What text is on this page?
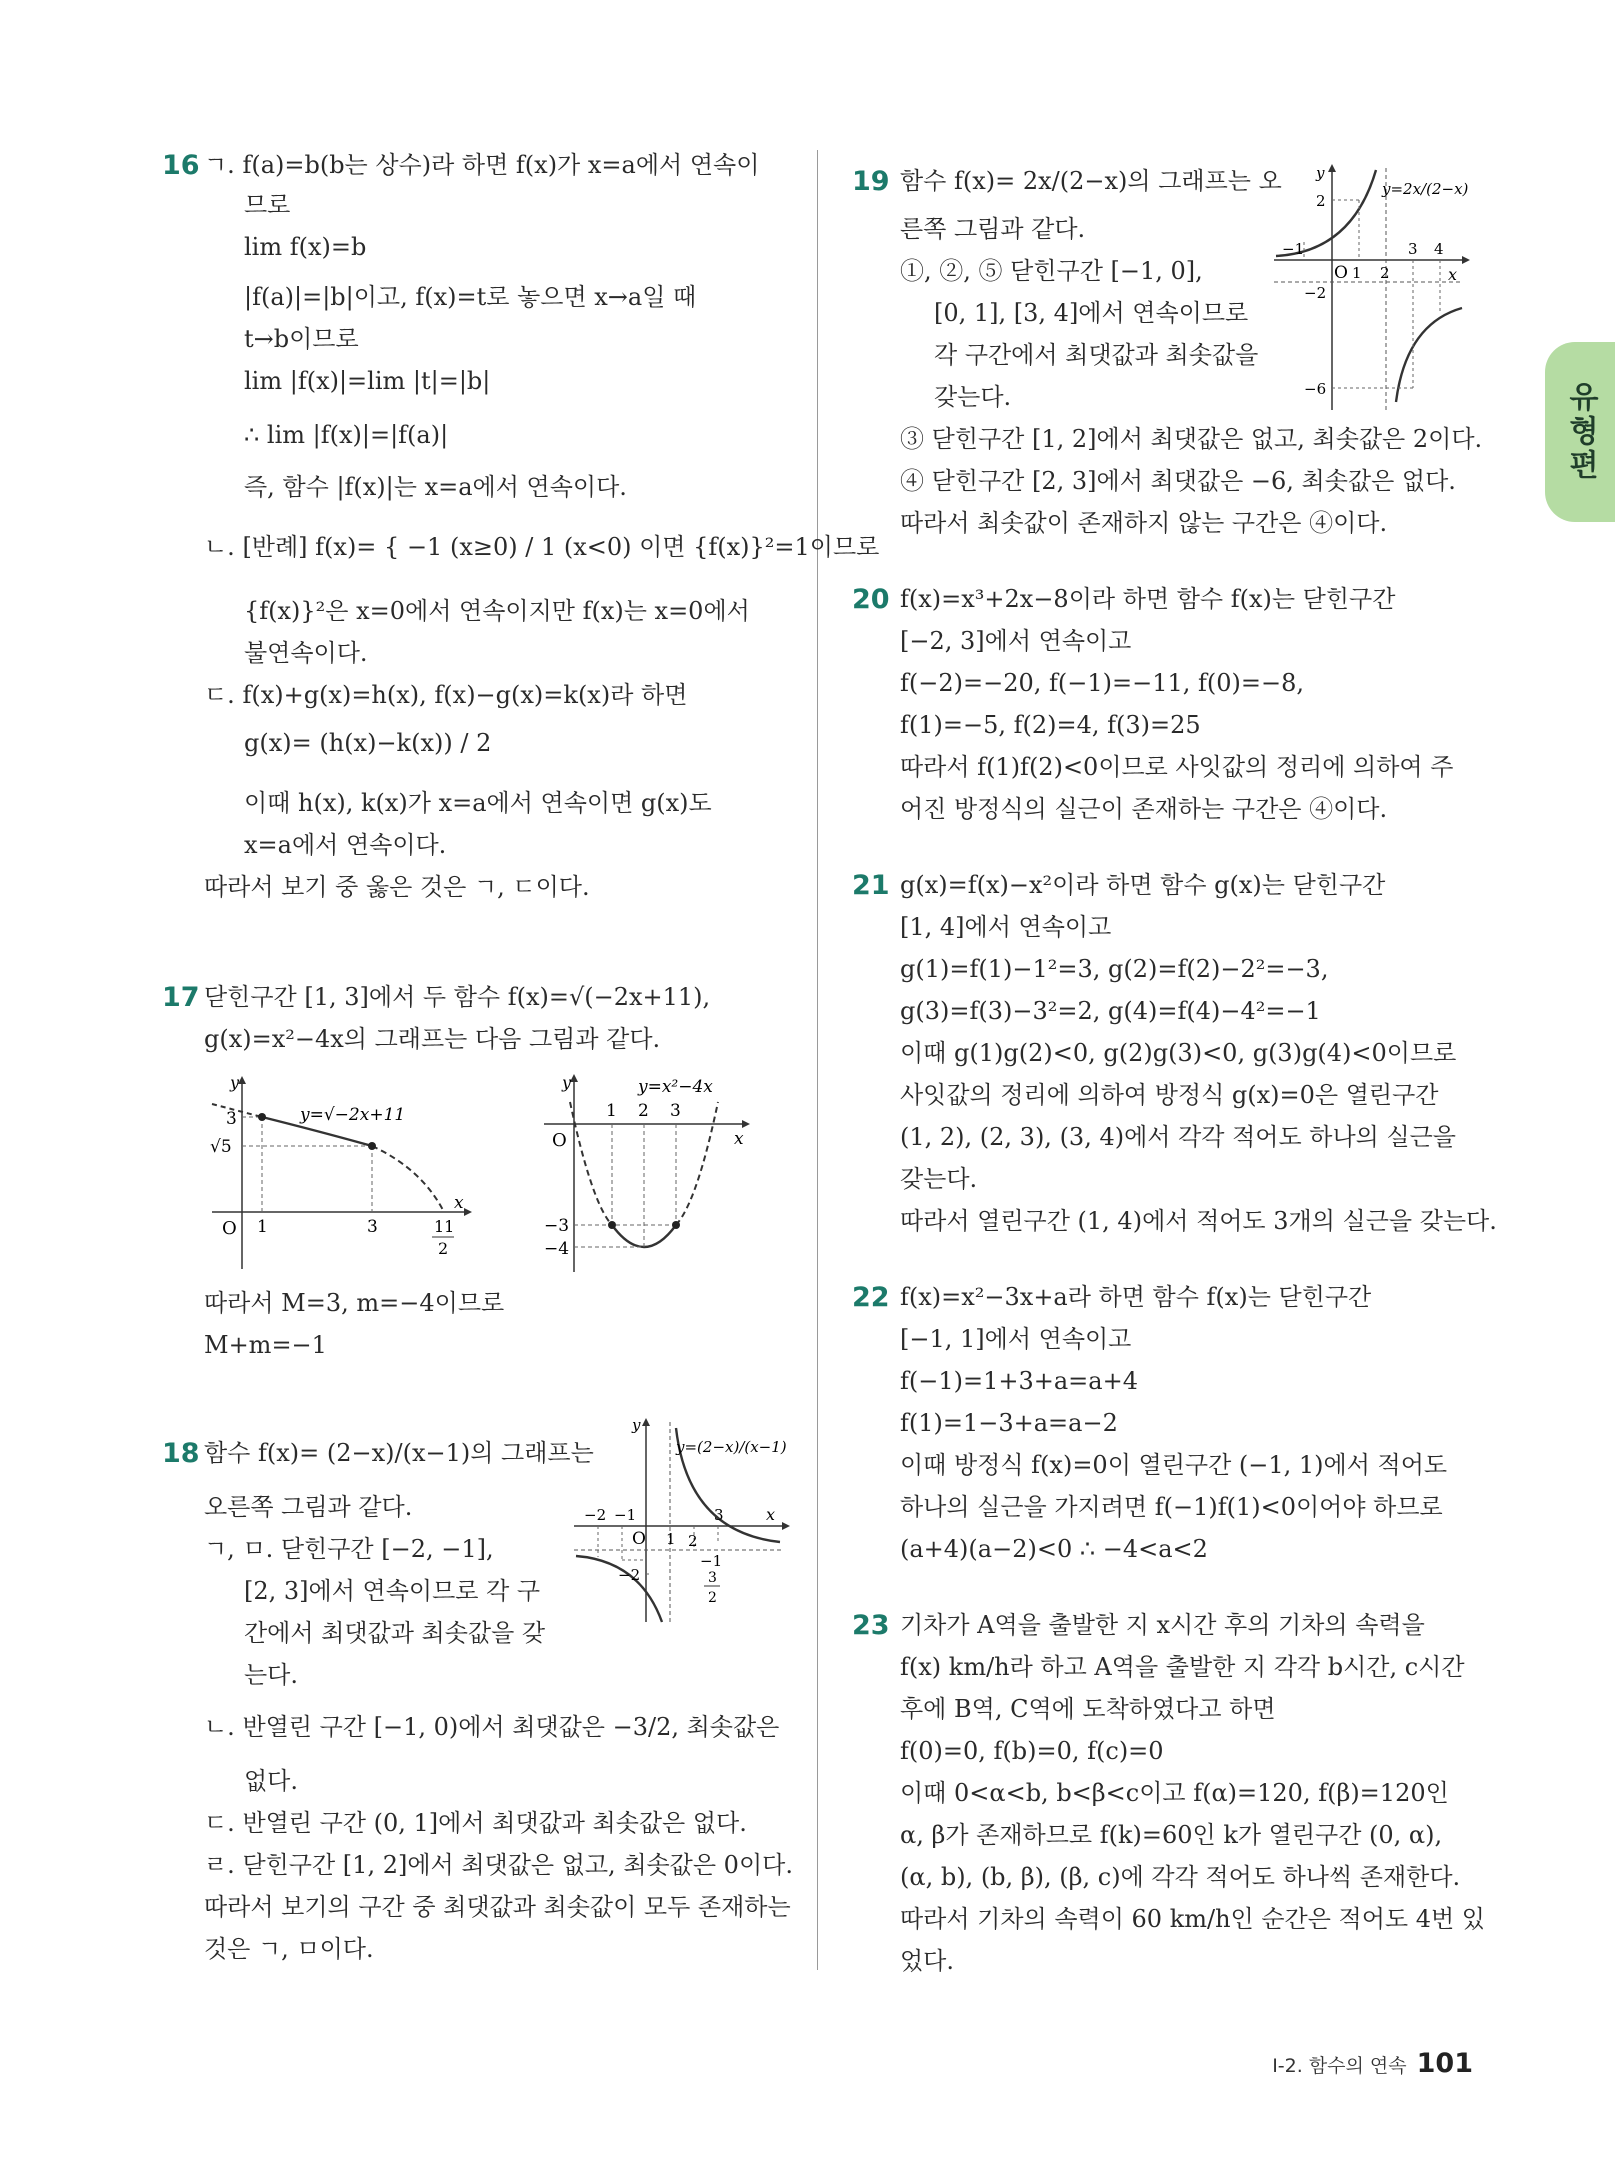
유형편
16 ㄱ. f(a)=b(b는 상수)라 하면 f(x)가 x=a에서 연속이
므로
lim f(x)=b
|f(a)|=|b|이고, f(x)=t로 놓으면 x→a일 때
t→b이므로
lim |f(x)|=lim |t|=|b|
∴ lim |f(x)|=|f(a)|
즉, 함수 |f(x)|는 x=a에서 연속이다.
ㄴ. [반례] f(x)= { −1 (x≥0) / 1 (x<0) 이면 {f(x)}²=1이므로
{f(x)}²은 x=0에서 연속이지만 f(x)는 x=0에서
불연속이다.
ㄷ. f(x)+g(x)=h(x), f(x)−g(x)=k(x)라 하면
g(x)= (h(x)−k(x)) / 2
이때 h(x), k(x)가 x=a에서 연속이면 g(x)도
x=a에서 연속이다.
따라서 보기 중 옳은 것은 ㄱ, ㄷ이다.
17 닫힌구간 [1, 3]에서 두 함수 f(x)=√(−2x+11),
g(x)=x²−4x의 그래프는 다음 그림과 같다.
y
x
O 1	3	11
2
3
√5
y=√−2x+11
y
x
O
1 2 3
−3
−4
y=x²−4x
따라서 M=3, m=−4이므로
M+m=−1
18 함수 f(x)= (2−x)/(x−1)의 그래프는
오른쪽 그림과 같다.
ㄱ, ㅁ. 닫힌구간 [−2, −1],
[2, 3]에서 연속이므로 각 구
간에서 최댓값과 최솟값을 갖
는다.
y
x
O
−2 −1
1 2
3
−1
−2	3
2
y=(2−x)/(x−1)
ㄴ. 반열린 구간 [−1, 0)에서 최댓값은 −3/2, 최솟값은
없다.
ㄷ. 반열린 구간 (0, 1]에서 최댓값과 최솟값은 없다.
ㄹ. 닫힌구간 [1, 2]에서 최댓값은 없고, 최솟값은 0이다.
따라서 보기의 구간 중 최댓값과 최솟값이 모두 존재하는
것은 ㄱ, ㅁ이다.
19 함수 f(x)= 2x/(2−x)의 그래프는 오
른쪽 그림과 같다.
①, ②, ⑤ 닫힌구간 [−1, 0],
[0, 1], [3, 4]에서 연속이므로
각 구간에서 최댓값과 최솟값을
갖는다.
y
x
O 1 2
3 4
−1
2
−2
−6
y=2x/(2−x)
③ 닫힌구간 [1, 2]에서 최댓값은 없고, 최솟값은 2이다.
④ 닫힌구간 [2, 3]에서 최댓값은 −6, 최솟값은 없다.
따라서 최솟값이 존재하지 않는 구간은 ④이다.
20 f(x)=x³+2x−8이라 하면 함수 f(x)는 닫힌구간
[−2, 3]에서 연속이고
f(−2)=−20, f(−1)=−11, f(0)=−8,
f(1)=−5, f(2)=4, f(3)=25
따라서 f(1)f(2)<0이므로 사잇값의 정리에 의하여 주
어진 방정식의 실근이 존재하는 구간은 ④이다.
21 g(x)=f(x)−x²이라 하면 함수 g(x)는 닫힌구간
[1, 4]에서 연속이고
g(1)=f(1)−1²=3, g(2)=f(2)−2²=−3,
g(3)=f(3)−3²=2, g(4)=f(4)−4²=−1
이때 g(1)g(2)<0, g(2)g(3)<0, g(3)g(4)<0이므로
사잇값의 정리에 의하여 방정식 g(x)=0은 열린구간
(1, 2), (2, 3), (3, 4)에서 각각 적어도 하나의 실근을
갖는다.
따라서 열린구간 (1, 4)에서 적어도 3개의 실근을 갖는다.
22 f(x)=x²−3x+a라 하면 함수 f(x)는 닫힌구간
[−1, 1]에서 연속이고
f(−1)=1+3+a=a+4
f(1)=1−3+a=a−2
이때 방정식 f(x)=0이 열린구간 (−1, 1)에서 적어도
하나의 실근을 가지려면 f(−1)f(1)<0이어야 하므로
(a+4)(a−2)<0 ∴ −4<a<2
23 기차가 A역을 출발한 지 x시간 후의 기차의 속력을
f(x) km/h라 하고 A역을 출발한 지 각각 b시간, c시간
후에 B역, C역에 도착하였다고 하면
f(0)=0, f(b)=0, f(c)=0
이때 0<α<b, b<β<c이고 f(α)=120, f(β)=120인
α, β가 존재하므로 f(k)=60인 k가 열린구간 (0, α),
(α, b), (b, β), (β, c)에 각각 적어도 하나씩 존재한다.
따라서 기차의 속력이 60 km/h인 순간은 적어도 4번 있
었다.
I-2. 함수의 연속 101
